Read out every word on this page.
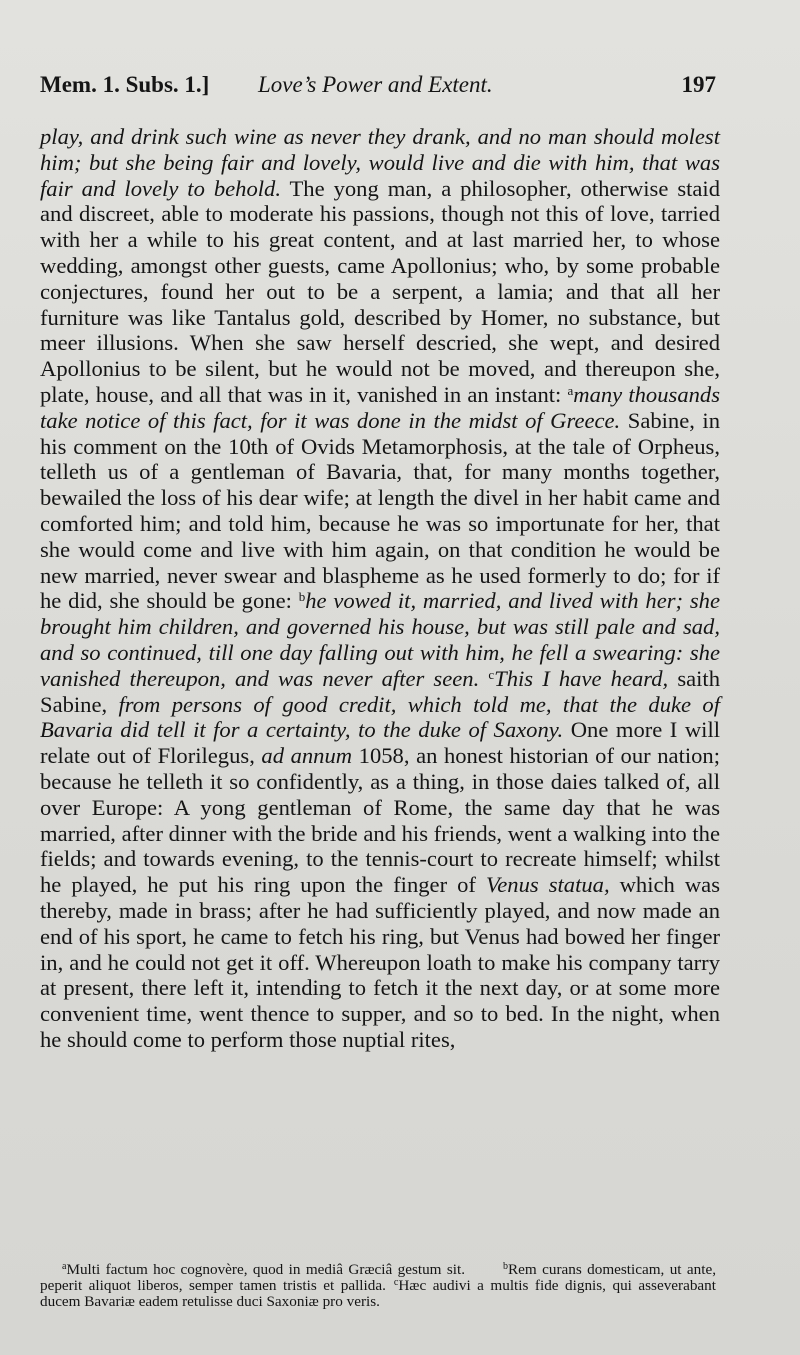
Mem. 1. Subs. 1.] Love’s Power and Extent.	197
play, and drink such wine as never they drank, and no man should molest him; but she being fair and lovely, would live and die with him, that was fair and lovely to behold. The yong man, a philosopher, otherwise staid and discreet, able to moderate his passions, though not this of love, tarried with her a while to his great content, and at last married her, to whose wedding, amongst other guests, came Apollonius; who, by some probable conjectures, found her out to be a serpent, a lamia; and that all her furniture was like Tantalus gold, described by Homer, no substance, but meer illusions. When she saw herself descried, she wept, and desired Apollonius to be silent, but he would not be moved, and thereupon she, plate, house, and all that was in it, vanished in an instant: $^a$many thousands take notice of this fact, for it was done in the midst of Greece. Sabine, in his comment on the 10th of Ovids Metamorphosis, at the tale of Orpheus, telleth us of a gentleman of Bavaria, that, for many months together, bewailed the loss of his dear wife; at length the divel in her habit came and comforted him; and told him, because he was so importunate for her, that she would come and live with him again, on that condition he would be new married, never swear and blaspheme as he used formerly to do; for if he did, she should be gone: $^b$he vowed it, married, and lived with her; she brought him children, and governed his house, but was still pale and sad, and so continued, till one day falling out with him, he fell a swearing: she vanished thereupon, and was never after seen. $^c$This I have heard, saith Sabine, from persons of good credit, which told me, that the duke of Bavaria did tell it for a certainty, to the duke of Saxony. One more I will relate out of Florilegus, ad annum 1058, an honest historian of our nation; because he telleth it so confidently, as a thing, in those daies talked of, all over Europe: A yong gentleman of Rome, the same day that he was married, after dinner with the bride and his friends, went a walking into the fields; and towards evening, to the tennis-court to recreate himself; whilst he played, he put his ring upon the finger of Venus statua, which was thereby, made in brass; after he had sufficiently played, and now made an end of his sport, he came to fetch his ring, but Venus had bowed her finger in, and he could not get it off. Whereupon loath to make his company tarry at present, there left it, intending to fetch it the next day, or at some more convenient time, went thence to supper, and so to bed. In the night, when he should come to perform those nuptial rites,
$^a$Multi factum hoc cognovère, quod in mediâ Græciâ gestum sit.	$^b$Rem curans domesticam, ut ante, peperit aliquot liberos, semper tamen tristis et pallida. $^c$Hæc audivi a multis fide dignis, qui asseverabant ducem Bavariæ eadem retulisse duci Saxoniæ pro veris.
